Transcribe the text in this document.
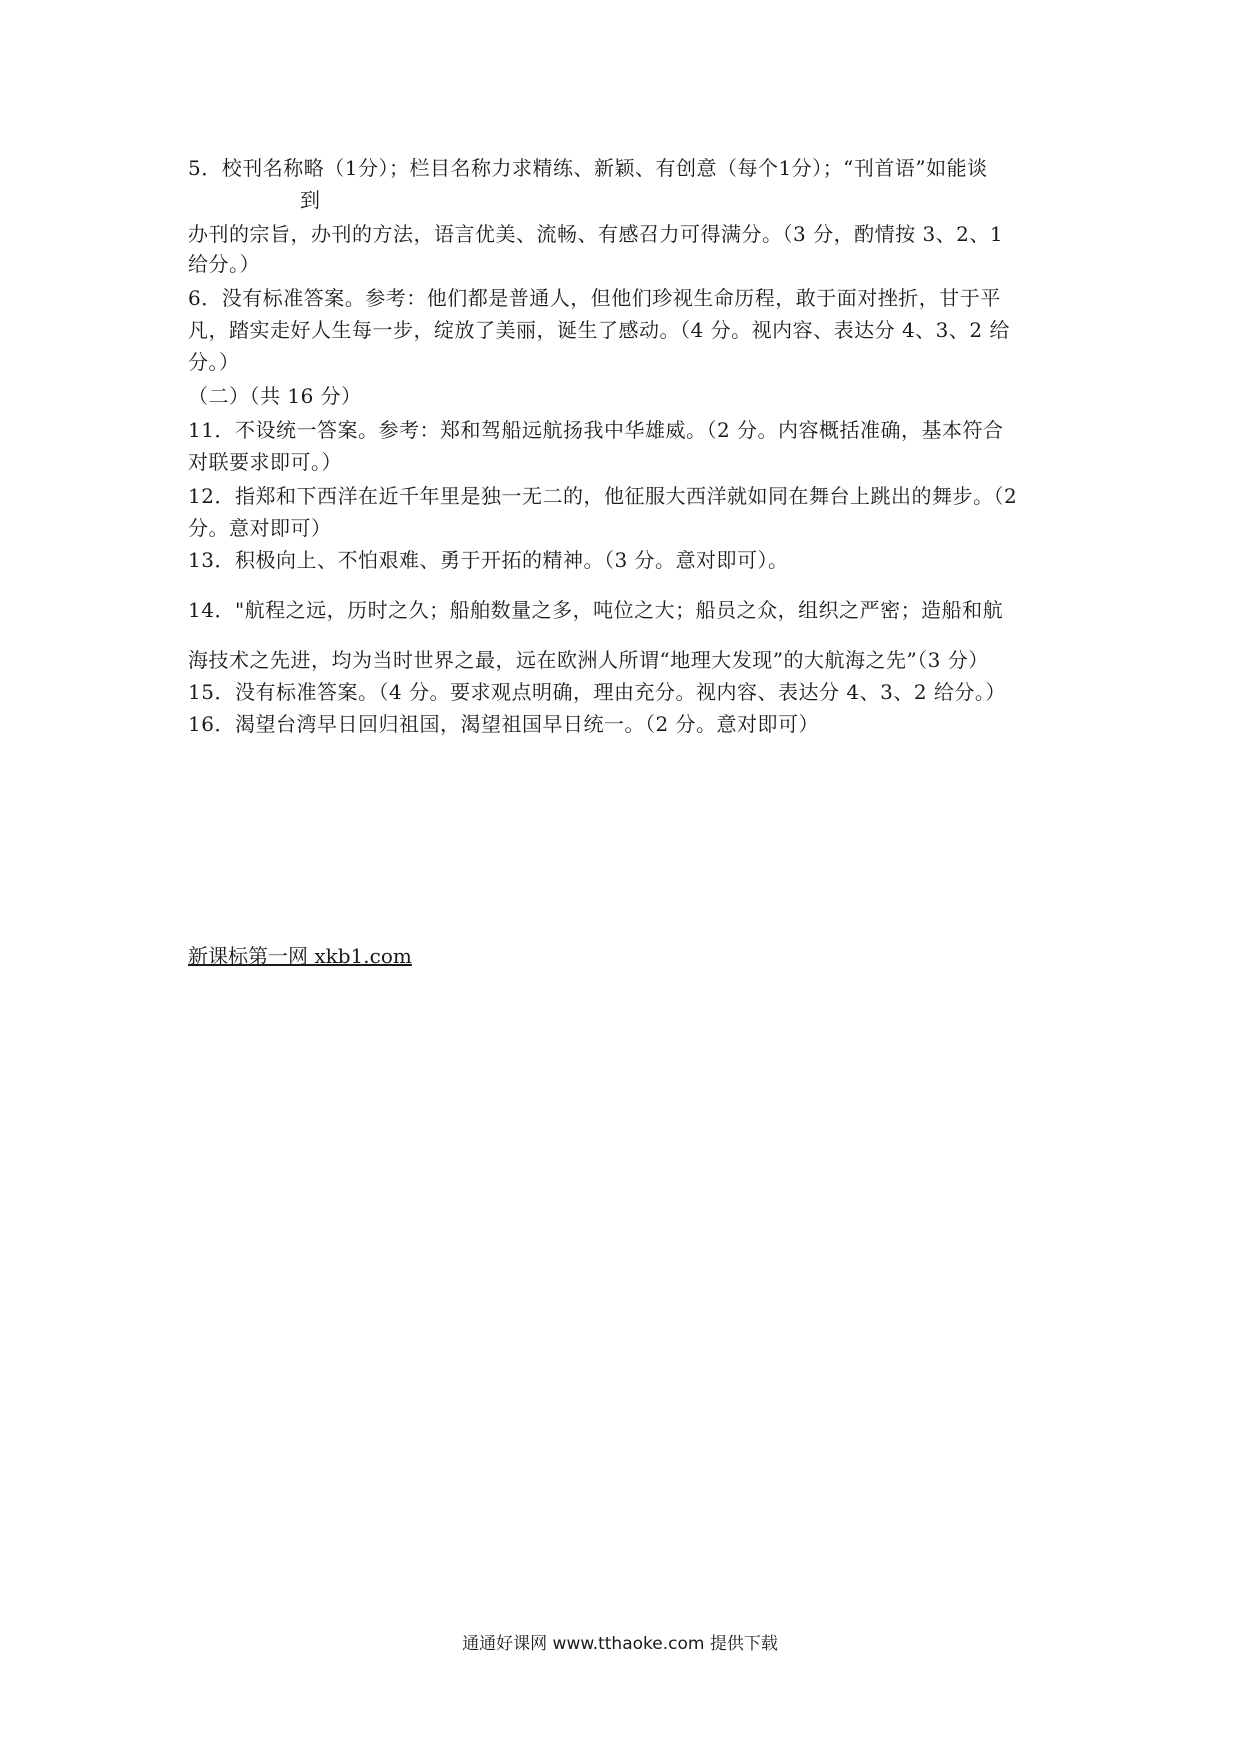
5．校刊名称略（1分）；栏目名称力求精练、新颖、有创意（每个1分）；“刊首语”如能谈
到
办刊的宗旨，办刊的方法，语言优美、流畅、有感召力可得满分。（3 分，酌情按 3、2、1
给分。）
6．没有标准答案。参考：他们都是普通人，但他们珍视生命历程，敢于面对挫折，甘于平
凡，踏实走好人生每一步，绽放了美丽，诞生了感动。（4 分。视内容、表达分 4、3、2 给
分。）
（二）（共 16 分）
11．不设统一答案。参考：郑和驾船远航扬我中华雄威。（2 分。内容概括准确，基本符合
对联要求即可。）
12．指郑和下西洋在近千年里是独一无二的，他征服大西洋就如同在舞台上跳出的舞步。（2
分。意对即可）
13．积极向上、不怕艰难、勇于开拓的精神。（3 分。意对即可）。
14．"航程之远，历时之久；船舶数量之多，吨位之大；船员之众，组织之严密；造船和航
海技术之先进，均为当时世界之最，远在欧洲人所谓“地理大发现”的大航海之先”（3 分）
15．没有标准答案。（4 分。要求观点明确，理由充分。视内容、表达分 4、3、2 给分。）
16．渴望台湾早日回归祖国，渴望祖国早日统一。（2 分。意对即可）
新课标第一网 xkb1.com
通通好课网 www.tthaoke.com 提供下载
